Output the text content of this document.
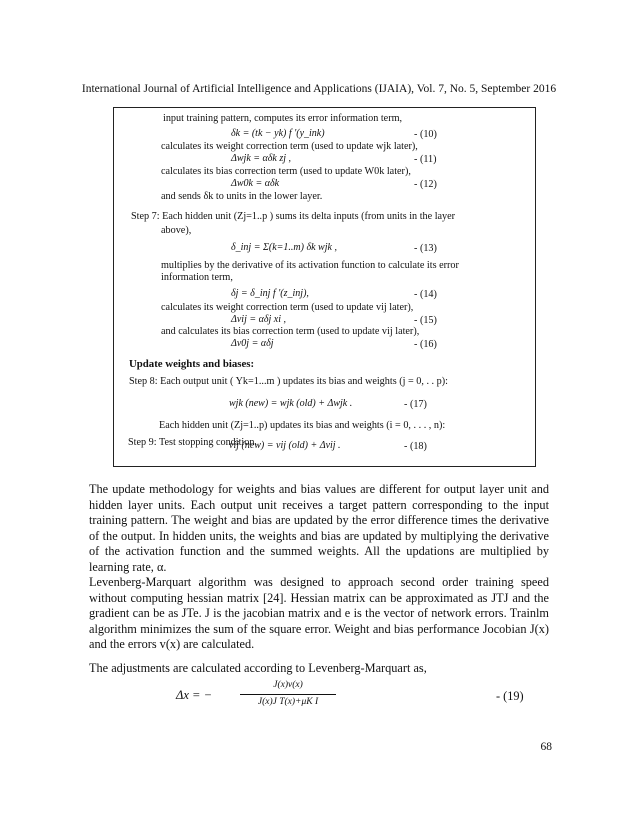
International Journal of Artificial Intelligence and Applications (IJAIA), Vol. 7, No. 5, September 2016
input training pattern, computes its error information term,
δk = (tk − yk) f '(y_ink)	- (10)
calculates its weight correction term (used to update wjk later),
Δwjk = αδk zj ,	- (11)
calculates its bias correction term (used to update W0k later),
Δw0k = αδk	- (12)
and sends δk to units in the lower layer.
Step 7: Each hidden unit (Zj=1..p ) sums its delta inputs (from units in the layer
above),
δ_inj = Σ(k=1..m) δk wjk ,	- (13)
multiplies by the derivative of its activation function to calculate its error
information term,
δj = δ_inj f '(z_inj),	- (14)
calculates its weight correction term (used to update vij later),
Δvij = αδj xi ,	- (15)
and calculates its bias correction term (used to update vij later),
Δv0j = αδj	- (16)
Update weights and biases:
Step 8: Each output unit ( Yk=1...m ) updates its bias and weights (j = 0, . . p):
wjk (new) = wjk (old) + Δwjk .	- (17)
Each hidden unit (Zj=1..p) updates its bias and weights (i = 0, . . . , n):
vij (new) = vij (old) + Δvij .	- (18)
Step 9: Test stopping condition.
The update methodology for weights and bias values are different for output layer unit and hidden layer units. Each output unit receives a target pattern corresponding to the input training pattern. The weight and bias are updated by the error difference times the derivative of the output. In hidden units, the weights and bias are updated by multiplying the derivative of the activation function and the summed weights. All the updations are multiplied by learning rate, α.
Levenberg-Marquart algorithm was designed to approach second order training speed without computing hessian matrix [24]. Hessian matrix can be approximated as JTJ and the gradient can be as JTe. J is the jacobian matrix and e is the vector of network errors. Trainlm algorithm minimizes the sum of the square error. Weight and bias performance Jocobian J(x) and the errors v(x) are calculated.
The adjustments are calculated according to Levenberg-Marquart as,
Δx = −
J(x)v(x)
J(x)J T(x)+μK I	- (19)
68
